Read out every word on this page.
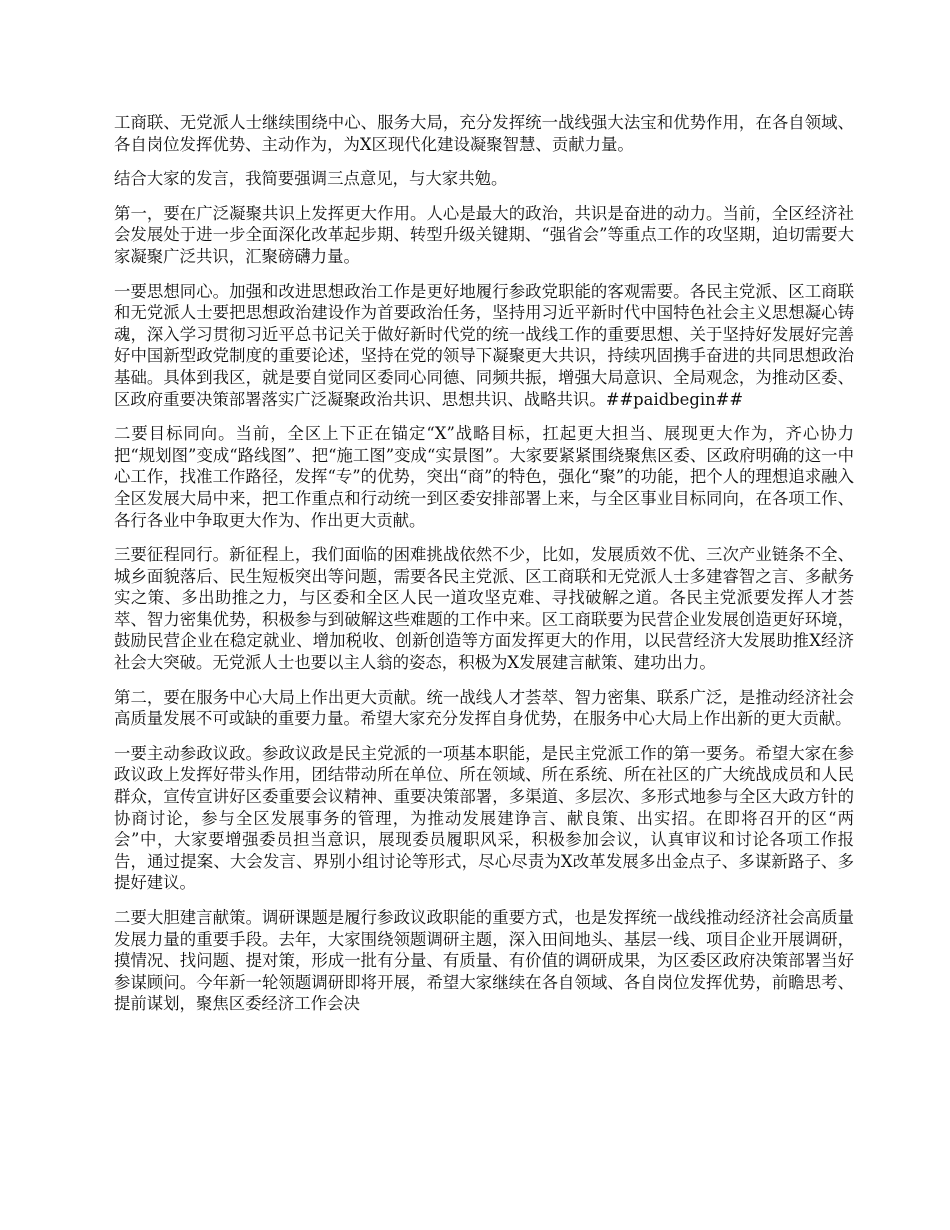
工商联、无党派人士继续围绕中心、服务大局，充分发挥统一战线强大法宝和优势作用，在各自领域、各自岗位发挥优势、主动作为，为X区现代化建设凝聚智慧、贡献力量。

结合大家的发言，我简要强调三点意见，与大家共勉。

第一，要在广泛凝聚共识上发挥更大作用。人心是最大的政治，共识是奋进的动力。当前，全区经济社会发展处于进一步全面深化改革起步期、转型升级关键期、“强省会”等重点工作的攻坚期，迫切需要大家凝聚广泛共识，汇聚磅礴力量。

一要思想同心。加强和改进思想政治工作是更好地履行参政党职能的客观需要。各民主党派、区工商联和无党派人士要把思想政治建设作为首要政治任务，坚持用习近平新时代中国特色社会主义思想凝心铸魂，深入学习贯彻习近平总书记关于做好新时代党的统一战线工作的重要思想、关于坚持好发展好完善好中国新型政党制度的重要论述，坚持在党的领导下凝聚更大共识，持续巩固携手奋进的共同思想政治基础。具体到我区，就是要自觉同区委同心同德、同频共振，增强大局意识、全局观念，为推动区委、区政府重要决策部署落实广泛凝聚政治共识、思想共识、战略共识。##paidbegin##

二要目标同向。当前，全区上下正在锚定“X”战略目标，扛起更大担当、展现更大作为，齐心协力把“规划图”变成“路线图”、把“施工图”变成“实景图”。大家要紧紧围绕聚焦区委、区政府明确的这一中心工作，找准工作路径，发挥“专”的优势，突出“商”的特色，强化“聚”的功能，把个人的理想追求融入全区发展大局中来，把工作重点和行动统一到区委安排部署上来，与全区事业目标同向，在各项工作、各行各业中争取更大作为、作出更大贡献。

三要征程同行。新征程上，我们面临的困难挑战依然不少，比如，发展质效不优、三次产业链条不全、城乡面貌落后、民生短板突出等问题，需要各民主党派、区工商联和无党派人士多建睿智之言、多献务实之策、多出助推之力，与区委和全区人民一道攻坚克难、寻找破解之道。各民主党派要发挥人才荟萃、智力密集优势，积极参与到破解这些难题的工作中来。区工商联要为民营企业发展创造更好环境，鼓励民营企业在稳定就业、增加税收、创新创造等方面发挥更大的作用，以民营经济大发展助推X经济社会大突破。无党派人士也要以主人翁的姿态，积极为X发展建言献策、建功出力。

第二，要在服务中心大局上作出更大贡献。统一战线人才荟萃、智力密集、联系广泛，是推动经济社会高质量发展不可或缺的重要力量。希望大家充分发挥自身优势，在服务中心大局上作出新的更大贡献。

一要主动参政议政。参政议政是民主党派的一项基本职能，是民主党派工作的第一要务。希望大家在参政议政上发挥好带头作用，团结带动所在单位、所在领域、所在系统、所在社区的广大统战成员和人民群众，宣传宣讲好区委重要会议精神、重要决策部署，多渠道、多层次、多形式地参与全区大政方针的协商讨论，参与全区发展事务的管理，为推动发展建诤言、献良策、出实招。在即将召开的区“两会”中，大家要增强委员担当意识，展现委员履职风采，积极参加会议，认真审议和讨论各项工作报告，通过提案、大会发言、界别小组讨论等形式，尽心尽责为X改革发展多出金点子、多谋新路子、多提好建议。

二要大胆建言献策。调研课题是履行参政议政职能的重要方式，也是发挥统一战线推动经济社会高质量发展力量的重要手段。去年，大家围绕领题调研主题，深入田间地头、基层一线、项目企业开展调研，摸情况、找问题、提对策，形成一批有分量、有质量、有价值的调研成果，为区委区政府决策部署当好参谋顾问。今年新一轮领题调研即将开展，希望大家继续在各自领域、各自岗位发挥优势，前瞻思考、提前谋划，聚焦区委经济工作会决
